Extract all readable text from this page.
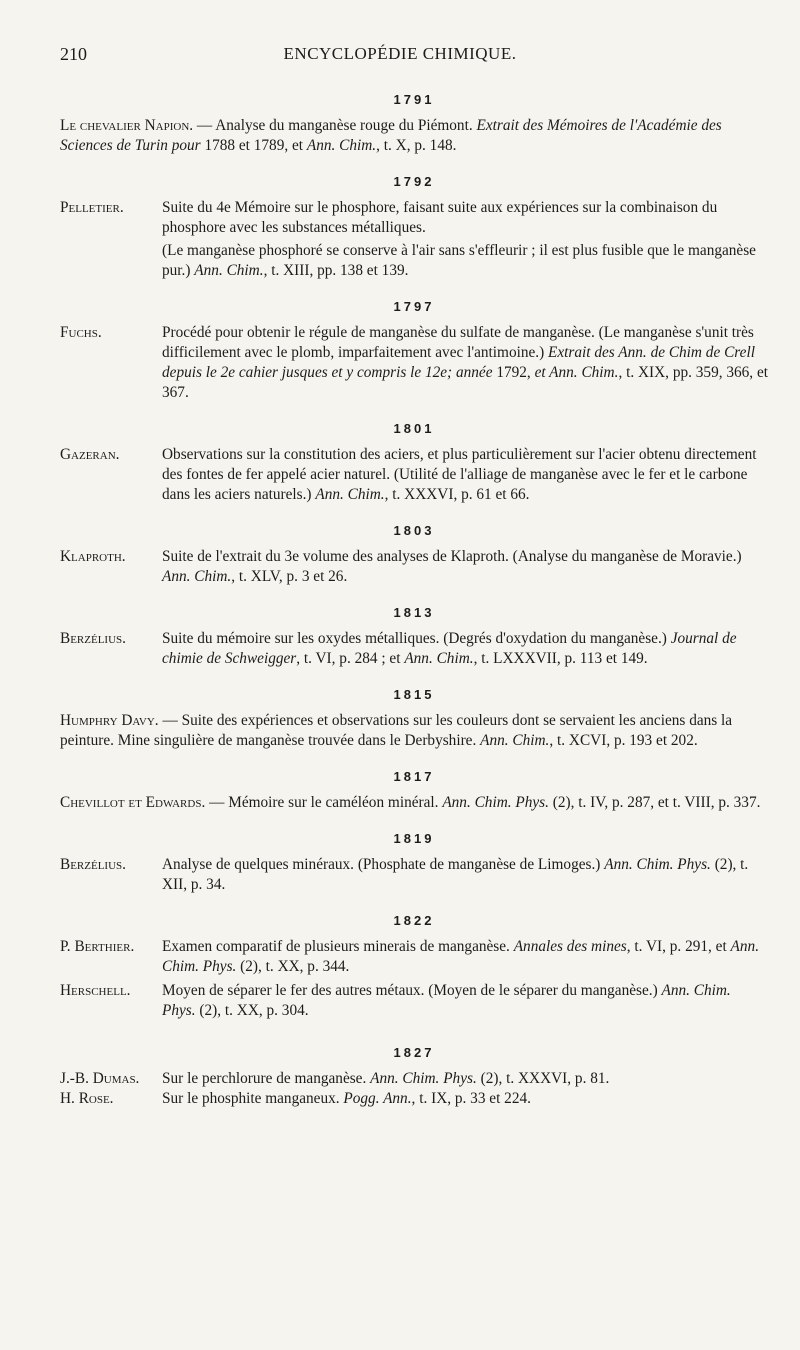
210	ENCYCLOPÉDIE CHIMIQUE.
1791
Le chevalier Napion. — Analyse du manganèse rouge du Piémont. Extrait des Mémoires de l'Académie des Sciences de Turin pour 1788 et 1789, et Ann. Chim., t. X, p. 148.
1792
Pelletier.	Suite du 4e Mémoire sur le phosphore, faisant suite aux expériences sur la combinaison du phosphore avec les substances métalliques.
(Le manganèse phosphoré se conserve à l'air sans s'effleurir ; il est plus fusible que le manganèse pur.) Ann. Chim., t. XIII, pp. 138 et 139.
1797
Fuchs.	Procédé pour obtenir le régule de manganèse du sulfate de manganèse. (Le manganèse s'unit très difficilement avec le plomb, imparfaitement avec l'antimoine.) Extrait des Ann. de Chim de Crell depuis le 2e cahier jusques et y compris le 12e; année 1792, et Ann. Chim., t. XIX, pp. 359, 366, et 367.
1801
Gazeran.	Observations sur la constitution des aciers, et plus particulièrement sur l'acier obtenu directement des fontes de fer appelé acier naturel. (Utilité de l'alliage de manganèse avec le fer et le carbone dans les aciers naturels.) Ann. Chim., t. XXXVI, p. 61 et 66.
1803
Klaproth. Suite de l'extrait du 3e volume des analyses de Klaproth. (Analyse du manganèse de Moravie.) Ann. Chim., t. XLV, p. 3 et 26.
1813
Berzélius. Suite du mémoire sur les oxydes métalliques. (Degrés d'oxydation du manganèse.) Journal de chimie de Schweigger, t. VI, p. 284 ; et Ann. Chim., t. LXXXVII, p. 113 et 149.
1815
Humphry Davy. — Suite des expériences et observations sur les couleurs dont se servaient les anciens dans la peinture. Mine singulière de manganèse trouvée dans le Derbyshire. Ann. Chim., t. XCVI, p. 193 et 202.
1817
Chevillot et Edwards. — Mémoire sur le caméléon minéral. Ann. Chim. Phys. (2), t. IV, p. 287, et t. VIII, p. 337.
1819
Berzélius. Analyse de quelques minéraux. (Phosphate de manganèse de Limoges.) Ann. Chim. Phys. (2), t. XII, p. 34.
1822
P. Berthier. Examen comparatif de plusieurs minerais de manganèse. Annales des mines, t. VI, p. 291, et Ann. Chim. Phys. (2), t. XX, p. 344.
Herschell. Moyen de séparer le fer des autres métaux. (Moyen de le séparer du manganèse.) Ann. Chim. Phys. (2), t. XX, p. 304.
1827
J.-B. Dumas. Sur le perchlorure de manganèse. Ann. Chim. Phys. (2), t. XXXVI, p. 81.
H. Rose.	Sur le phosphite manganeux. Pogg. Ann., t. IX, p. 33 et 224.
